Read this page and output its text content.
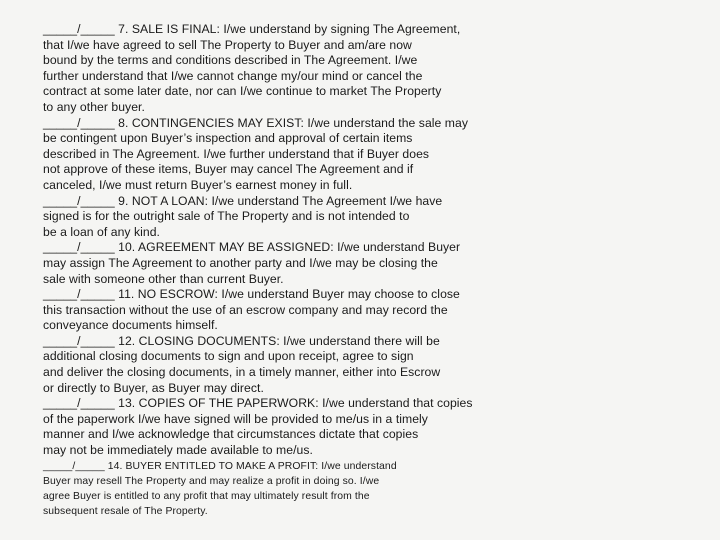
_____/_____ 7. SALE IS FINAL: I/we understand by signing The Agreement,
that I/we have agreed to sell The Property to Buyer and am/are now
bound by the terms and conditions described in The Agreement. I/we
further understand that I/we cannot change my/our mind or cancel the
contract at some later date, nor can I/we continue to market The Property
to any other buyer.
_____/_____ 8. CONTINGENCIES MAY EXIST: I/we understand the sale may
be contingent upon Buyer’s inspection and approval of certain items
described in The Agreement. I/we further understand that if Buyer does
not approve of these items, Buyer may cancel The Agreement and if
canceled, I/we must return Buyer’s earnest money in full.
_____/_____ 9. NOT A LOAN: I/we understand The Agreement I/we have
signed is for the outright sale of The Property and is not intended to
be a loan of any kind.
_____/_____ 10. AGREEMENT MAY BE ASSIGNED: I/we understand Buyer
may assign The Agreement to another party and I/we may be closing the
sale with someone other than current Buyer.
_____/_____ 11. NO ESCROW: I/we understand Buyer may choose to close
this transaction without the use of an escrow company and may record the
conveyance documents himself.
_____/_____ 12. CLOSING DOCUMENTS: I/we understand there will be
additional closing documents to sign and upon receipt, agree to sign
and deliver the closing documents, in a timely manner, either into Escrow
or directly to Buyer, as Buyer may direct.
_____/_____ 13. COPIES OF THE PAPERWORK: I/we understand that copies
of the paperwork I/we have signed will be provided to me/us in a timely
manner and I/we acknowledge that circumstances dictate that copies
may not be immediately made available to me/us.
_____/_____ 14. BUYER ENTITLED TO MAKE A PROFIT: I/we understand
Buyer may resell The Property and may realize a profit in doing so. I/we
agree Buyer is entitled to any profit that may ultimately result from the
subsequent resale of The Property.
